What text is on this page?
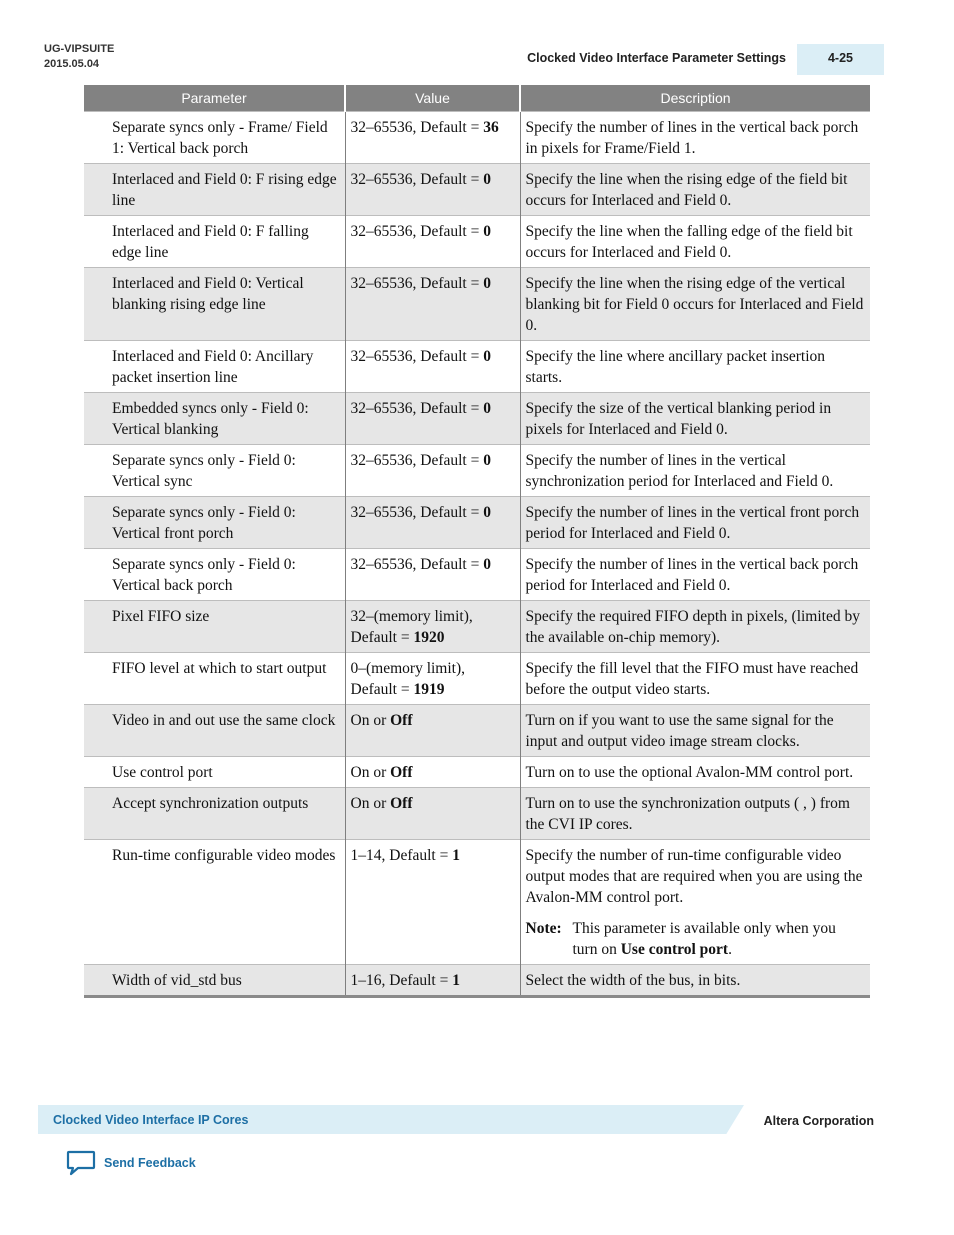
UG-VIPSUITE
2015.05.04	Clocked Video Interface Parameter Settings	4-25
Parameter	Value	Description
Separate syncs only - Frame/ Field 1: Vertical back porch	32–65536, Default = 36	Specify the number of lines in the vertical back porch in pixels for Frame/Field 1.

Interlaced and Field 0: F rising edge line	32–65536, Default = 0	Specify the line when the rising edge of the field bit occurs for Interlaced and Field 0.

Interlaced and Field 0: F falling edge line	32–65536, Default = 0	Specify the line when the falling edge of the field bit occurs for Interlaced and Field 0.

Interlaced and Field 0: Vertical blanking rising edge line	32–65536, Default = 0	Specify the line when the rising edge of the vertical blanking bit for Field 0 occurs for Interlaced and Field 0.

Interlaced and Field 0: Ancillary packet insertion line	32–65536, Default = 0	Specify the line where ancillary packet insertion starts.

Embedded syncs only - Field 0: Vertical blanking	32–65536, Default = 0	Specify the size of the vertical blanking period in pixels for Interlaced and Field 0.

Separate syncs only - Field 0: Vertical sync	32–65536, Default = 0	Specify the number of lines in the vertical synchronization period for Interlaced and Field 0.

Separate syncs only - Field 0: Vertical front porch	32–65536, Default = 0	Specify the number of lines in the vertical front porch period for Interlaced and Field 0.

Separate syncs only - Field 0: Vertical back porch	32–65536, Default = 0	Specify the number of lines in the vertical back porch period for Interlaced and Field 0.

Pixel FIFO size	32–(memory limit), Default = 1920	Specify the required FIFO depth in pixels, (limited by the available on-chip memory).

FIFO level at which to start output	0–(memory limit), Default = 1919	Specify the fill level that the FIFO must have reached before the output video starts.

Video in and out use the same clock	On or Off	Turn on if you want to use the same signal for the input and output video image stream clocks.

Use control port	On or Off	Turn on to use the optional Avalon-MM control port.

Accept synchronization outputs	On or Off	Turn on to use the synchronization outputs ( , ) from the CVI IP cores.

Run-time configurable video modes	1–14, Default = 1	Specify the number of run-time configurable video output modes that are required when you are using the Avalon-MM control port.
Note: This parameter is available only when you turn on Use control port.

Width of vid_std bus	1–16, Default = 1	Select the width of the bus, in bits.
Clocked Video Interface IP Cores	Altera Corporation
Send Feedback
